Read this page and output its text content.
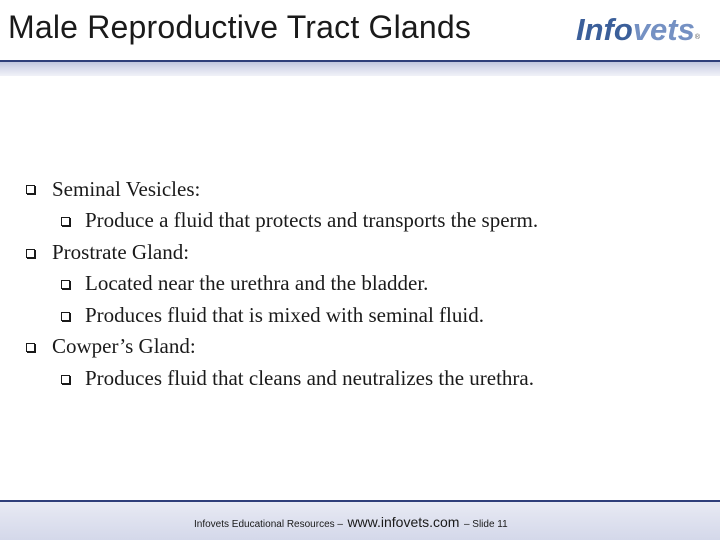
Male Reproductive Tract Glands	Infovets®
Seminal Vesicles:
Produce a fluid that protects and transports the sperm.
Prostrate Gland:
Located near the urethra and the bladder.
Produces fluid that is mixed with seminal fluid.
Cowper’s Gland:
Produces fluid that cleans and neutralizes the urethra.
Infovets Educational Resources – www.infovets.com – Slide 11
